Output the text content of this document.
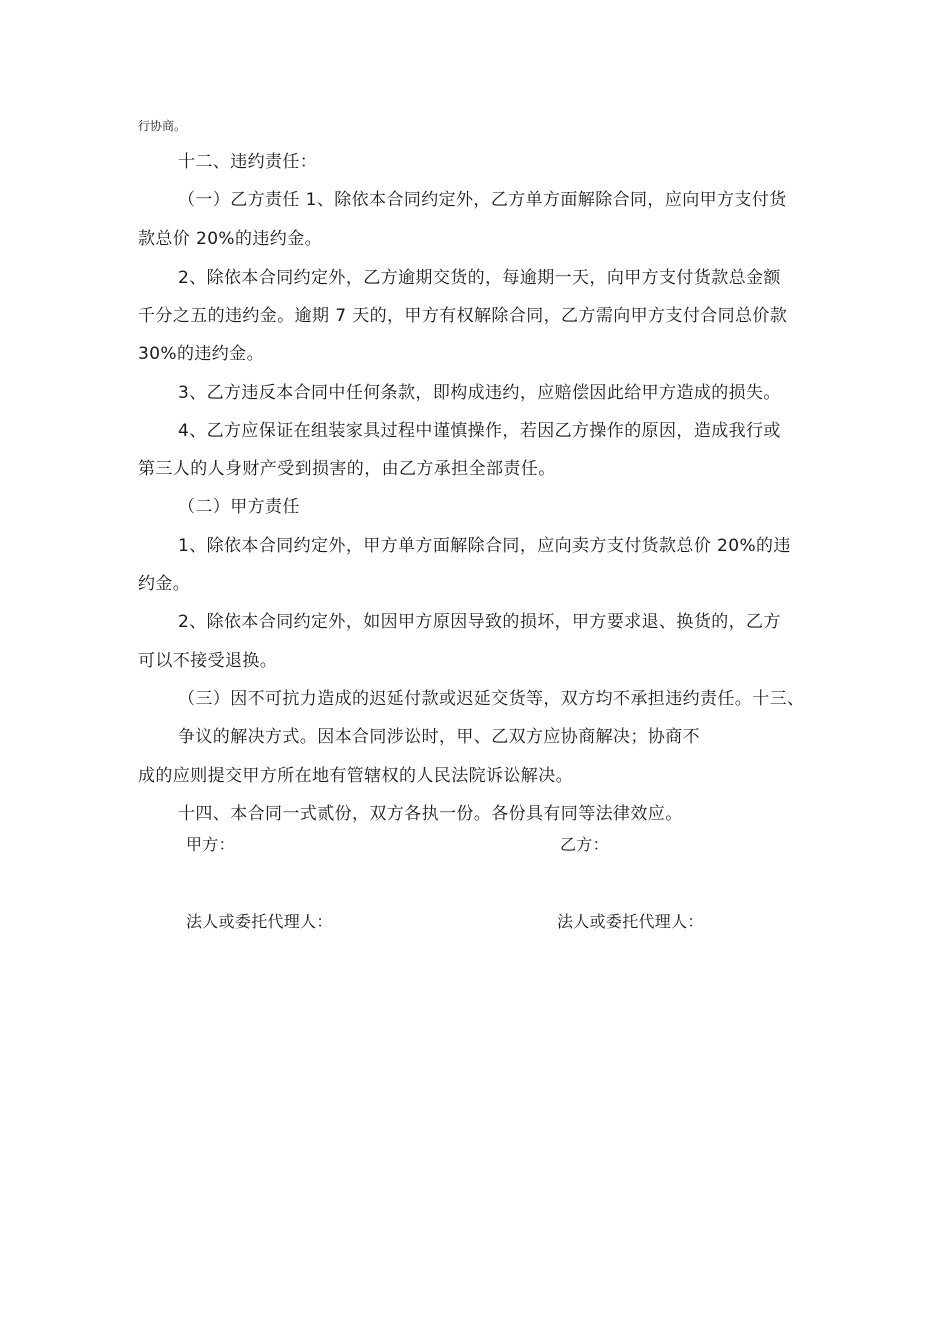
行协商。
十二、违约责任：
（一）乙方责任 1、除依本合同约定外，乙方单方面解除合同，应向甲方支付货
款总价 20%的违约金。
2、除依本合同约定外，乙方逾期交货的，每逾期一天，向甲方支付货款总金额
千分之五的违约金。逾期 7 天的，甲方有权解除合同，乙方需向甲方支付合同总价款
30%的违约金。
3、乙方违反本合同中任何条款，即构成违约，应赔偿因此给甲方造成的损失。
4、乙方应保证在组装家具过程中谨慎操作，若因乙方操作的原因，造成我行或
第三人的人身财产受到损害的，由乙方承担全部责任。
（二）甲方责任
1、除依本合同约定外，甲方单方面解除合同，应向卖方支付货款总价 20%的违
约金。
2、除依本合同约定外，如因甲方原因导致的损坏，甲方要求退、换货的，乙方
可以不接受退换。
（三）因不可抗力造成的迟延付款或迟延交货等，双方均不承担违约责任。十三、
争议的解决方式。因本合同涉讼时，甲、乙双方应协商解决；协商不
成的应则提交甲方所在地有管辖权的人民法院诉讼解决。
十四、本合同一式贰份，双方各执一份。各份具有同等法律效应。
甲方：	乙方：
法人或委托代理人：	法人或委托代理人：
